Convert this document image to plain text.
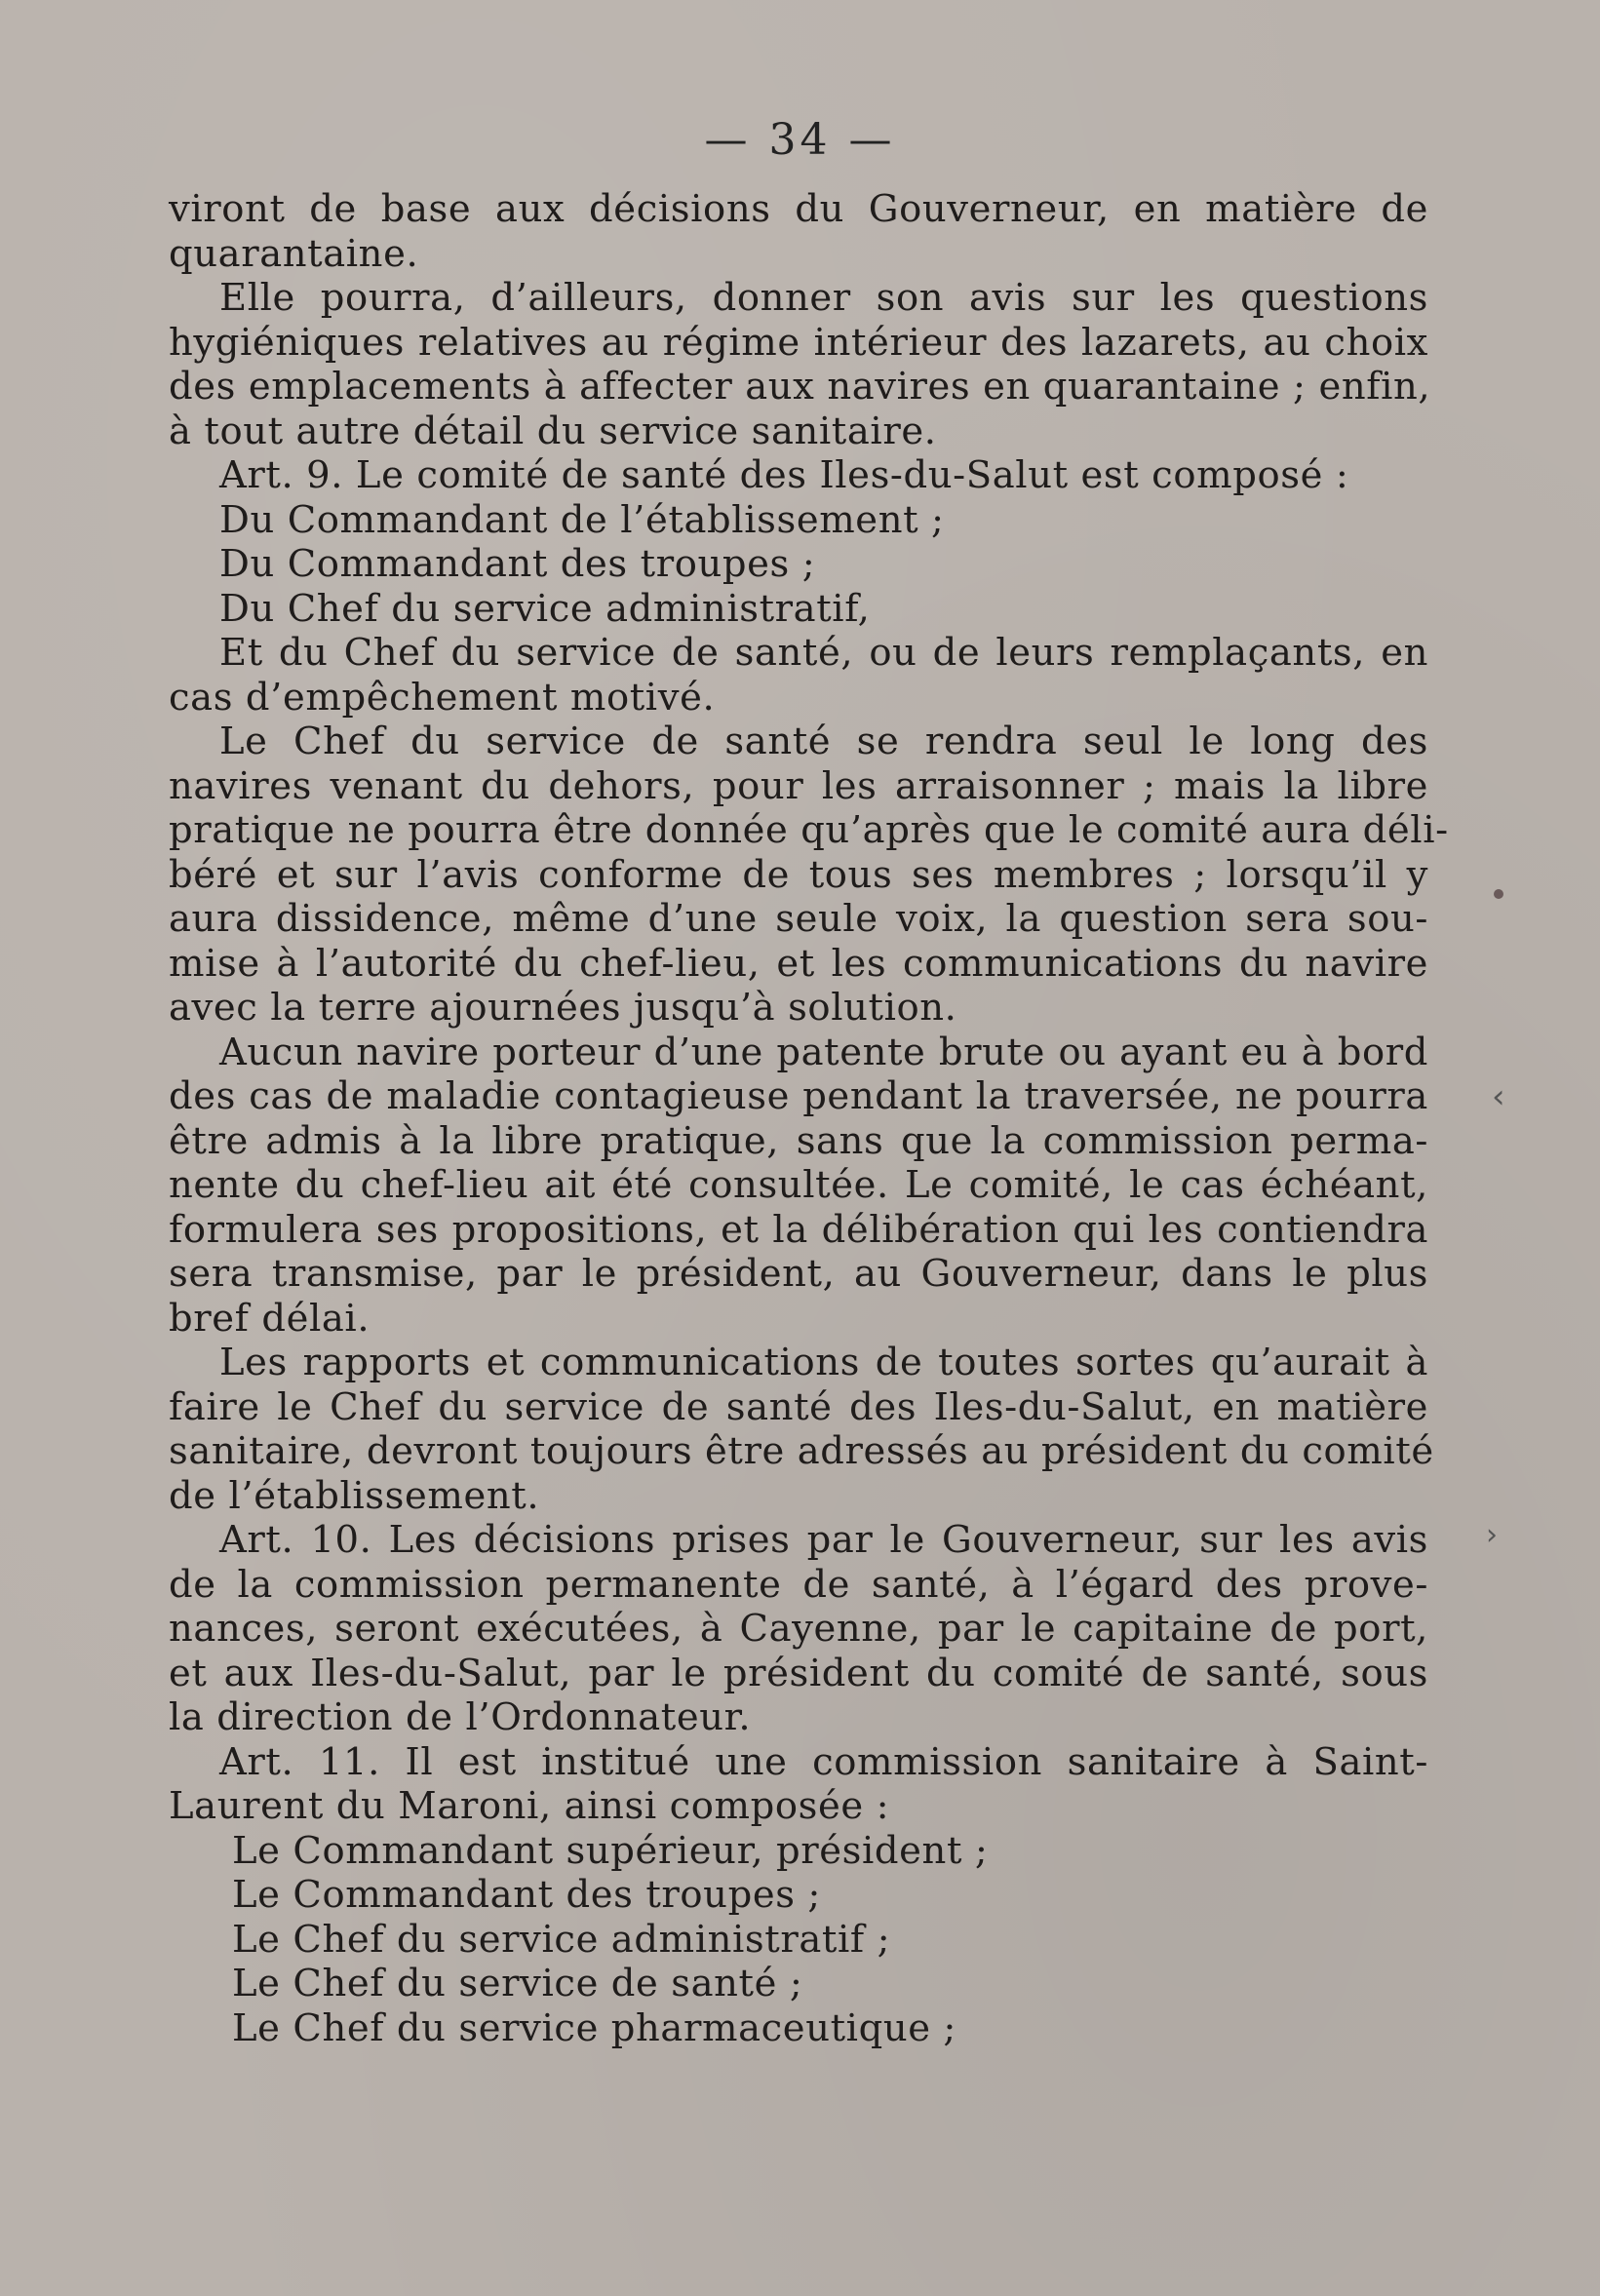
— 34 —
viront de base aux décisions du Gouverneur, en matière de
quarantaine.
Elle pourra, d’ailleurs, donner son avis sur les questions
hygiéniques relatives au régime intérieur des lazarets, au choix
des emplacements à affecter aux navires en quarantaine ; enfin,
à tout autre détail du service sanitaire.
Art. 9. Le comité de santé des Iles-du-Salut est composé :
Du Commandant de l’établissement ;
Du Commandant des troupes ;
Du Chef du service administratif,
Et du Chef du service de santé, ou de leurs remplaçants, en
cas d’empêchement motivé.
Le Chef du service de santé se rendra seul le long des
navires venant du dehors, pour les arraisonner ; mais la libre
pratique ne pourra être donnée qu’après que le comité aura déli-
béré et sur l’avis conforme de tous ses membres ; lorsqu’il y
aura dissidence, même d’une seule voix, la question sera sou-
mise à l’autorité du chef-lieu, et les communications du navire
avec la terre ajournées jusqu’à solution.
Aucun navire porteur d’une patente brute ou ayant eu à bord
des cas de maladie contagieuse pendant la traversée, ne pourra
être admis à la libre pratique, sans que la commission perma-
nente du chef-lieu ait été consultée. Le comité, le cas échéant,
formulera ses propositions, et la délibération qui les contiendra
sera transmise, par le président, au Gouverneur, dans le plus
bref délai.
Les rapports et communications de toutes sortes qu’aurait à
faire le Chef du service de santé des Iles-du-Salut, en matière
sanitaire, devront toujours être adressés au président du comité
de l’établissement.
Art. 10. Les décisions prises par le Gouverneur, sur les avis
de la commission permanente de santé, à l’égard des prove-
nances, seront exécutées, à Cayenne, par le capitaine de port,
et aux Iles-du-Salut, par le président du comité de santé, sous
la direction de l’Ordonnateur.
Art. 11. Il est institué une commission sanitaire à Saint-
Laurent du Maroni, ainsi composée :
Le Commandant supérieur, président ;
Le Commandant des troupes ;
Le Chef du service administratif ;
Le Chef du service de santé ;
Le Chef du service pharmaceutique ;
‹
›
